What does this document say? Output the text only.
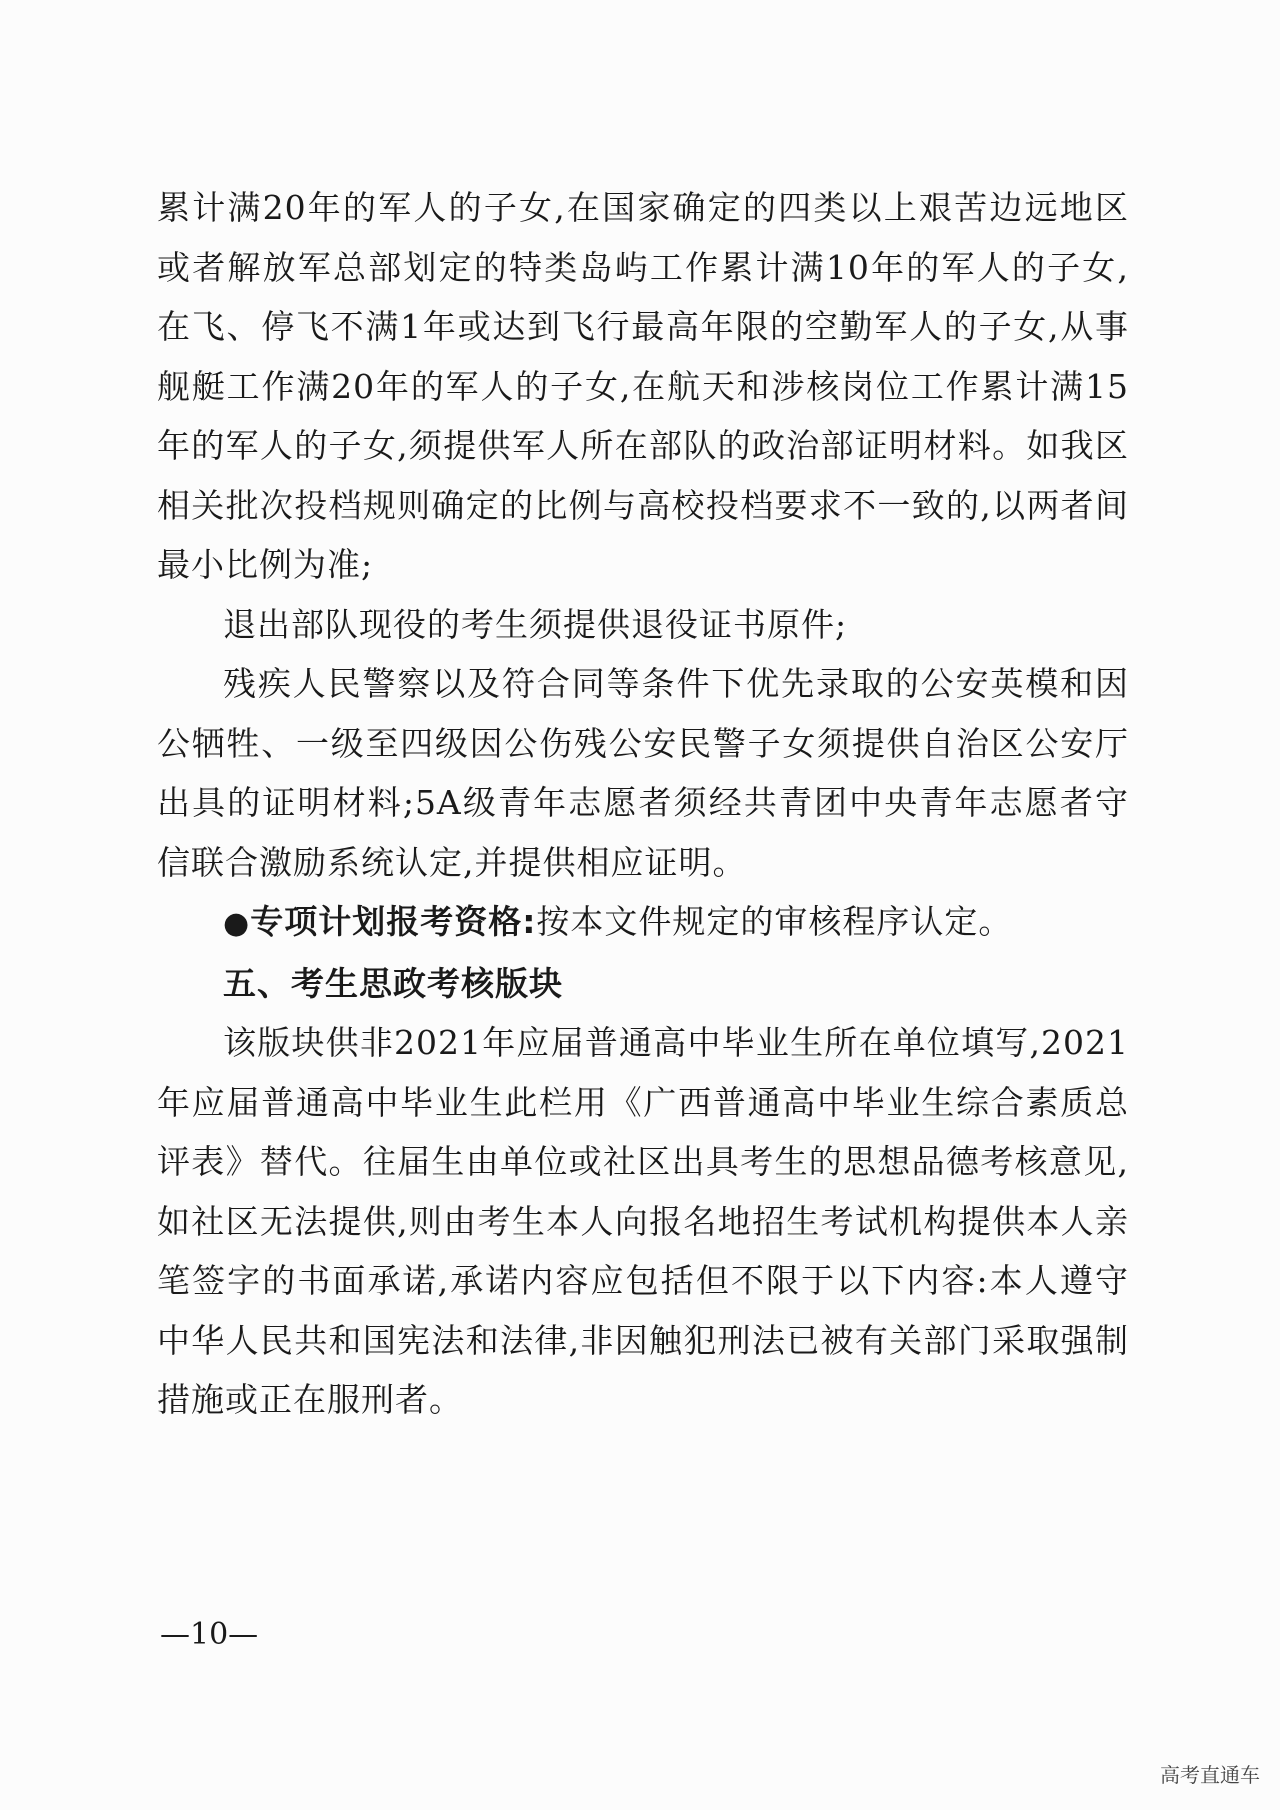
累计满20年的军人的子女,在国家确定的四类以上艰苦边远地区或者解放军总部划定的特类岛屿工作累计满10年的军人的子女,在飞、停飞不满1年或达到飞行最高年限的空勤军人的子女,从事舰艇工作满20年的军人的子女,在航天和涉核岗位工作累计满15年的军人的子女,须提供军人所在部队的政治部证明材料。如我区相关批次投档规则确定的比例与高校投档要求不一致的,以两者间最小比例为准;

退出部队现役的考生须提供退役证书原件;

残疾人民警察以及符合同等条件下优先录取的公安英模和因公牺牲、一级至四级因公伤残公安民警子女须提供自治区公安厅出具的证明材料;5A级青年志愿者须经共青团中央青年志愿者守信联合激励系统认定,并提供相应证明。

●专项计划报考资格:按本文件规定的审核程序认定。

五、考生思政考核版块

该版块供非2021年应届普通高中毕业生所在单位填写,2021年应届普通高中毕业生此栏用《广西普通高中毕业生综合素质总评表》替代。往届生由单位或社区出具考生的思想品德考核意见,如社区无法提供,则由考生本人向报名地招生考试机构提供本人亲笔签字的书面承诺,承诺内容应包括但不限于以下内容:本人遵守中华人民共和国宪法和法律,非因触犯刑法已被有关部门采取强制措施或正在服刑者。

—10—
高考直通车
